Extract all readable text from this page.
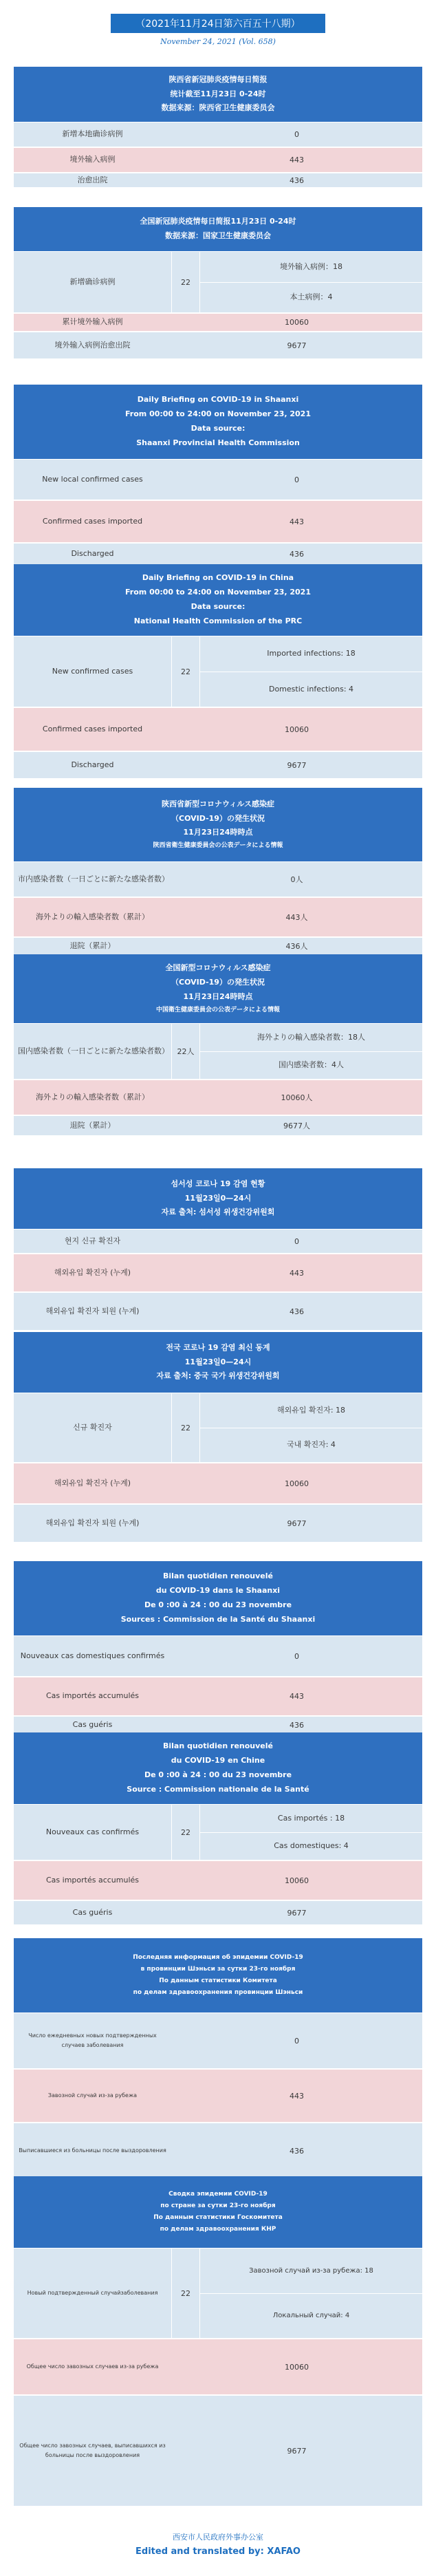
（2021年11月24日第六百五十八期）
November 24, 2021 (Vol. 658)
陕西省新冠肺炎疫情每日简报
统计截至11月23日 0-24时
数据来源：陕西省卫生健康委员会
新增本地确诊病例	0
境外输入病例	443
治愈出院	436
全国新冠肺炎疫情每日简报11月23日 0-24时
数据来源：国家卫生健康委员会
新增确诊病例	22
境外输入病例：18
本土病例：4
累计境外输入病例	10060
境外输入病例治愈出院	9677
Daily Briefing on COVID-19 in Shaanxi
From 00:00 to 24:00 on November 23, 2021
Data source:
Shaanxi Provincial Health Commission
New local confirmed cases	0
Confirmed cases imported	443
Discharged	436
Daily Briefing on COVID-19 in China
From 00:00 to 24:00 on November 23, 2021
Data source:
National Health Commission of the PRC
New confirmed cases	22
Imported infections: 18
Domestic infections: 4
Confirmed cases imported	10060
Discharged	9677
陝西省新型コロナウィルス感染症
（COVID-19）の発生状況
11月23日24時時点
陝西省衛生健康委員会の公表データによる情報
市内感染者数（一日ごとに新たな感染者数）	0人
海外よりの輸入感染者数（累計）	443人
退院（累計）	436人
全国新型コロナウィルス感染症
（COVID-19）の発生状況
11月23日24時時点
中国衛生健康委員会の公表データによる情報
国内感染者数（一日ごとに新たな感染者数）	22人
海外よりの輸入感染者数：18人
国内感染者数：4人
海外よりの輸入感染者数（累計）	10060人
退院（累計）	9677人
섬서성 코로나 19 감염 현황
11월23일0—24시
자료 출처: 섬서성 위생건강위원회
현지 신규 확진자	0
해외유입 확진자 (누계)	443
해외유입 확진자 퇴원 (누계)	436
전국 코로나 19 감염 최신 동계
11월23일0—24시
자료 출처: 중국 국가 위생건강위원회
신규 확진자	22
해외유입 확진자: 18
국내 확진자: 4
해외유입 확진자 (누계)	10060
해외유입 확진자 퇴원 (누계)	9677
Bilan quotidien renouvelé
du COVID-19 dans le Shaanxi
De 0 :00 à 24 : 00 du 23 novembre
Sources : Commission de la Santé du Shaanxi
Nouveaux cas domestiques confirmés	0
Cas importés accumulés	443
Cas guéris	436
Bilan quotidien renouvelé
du COVID-19 en Chine
De 0 :00 à 24 : 00 du 23 novembre
Source : Commission nationale de la Santé
Nouveaux cas confirmés	22
Cas importés : 18
Cas domestiques: 4
Cas importés accumulés	10060
Cas guéris	9677
Последняя информация об эпидемии COVID-19
в провинции Шэньси за сутки 23-го ноября
По данным статистики Комитета
по делам здравоохранения провинции Шэньси
Число ежедневных новых подтвержденных случаев заболевания	0
Завозной случай из-за рубежа	443
Выписавшиеся из больницы после выздоровления	436
Сводка эпидемии COVID-19
по стране за сутки 23-го ноября
По данным статистики Госкомитета
по делам здравоохранения КНР
Новый подтвержденный случайзаболевания	22
Завозной случай из-за рубежа: 18
Локальный случай: 4
Общее число завозных случаев из-за рубежа	10060
Общее число завозных случаев, выписавшихся из больницы после выздоровления	9677
西安市人民政府外事办公室
Edited and translated by: XAFAO
